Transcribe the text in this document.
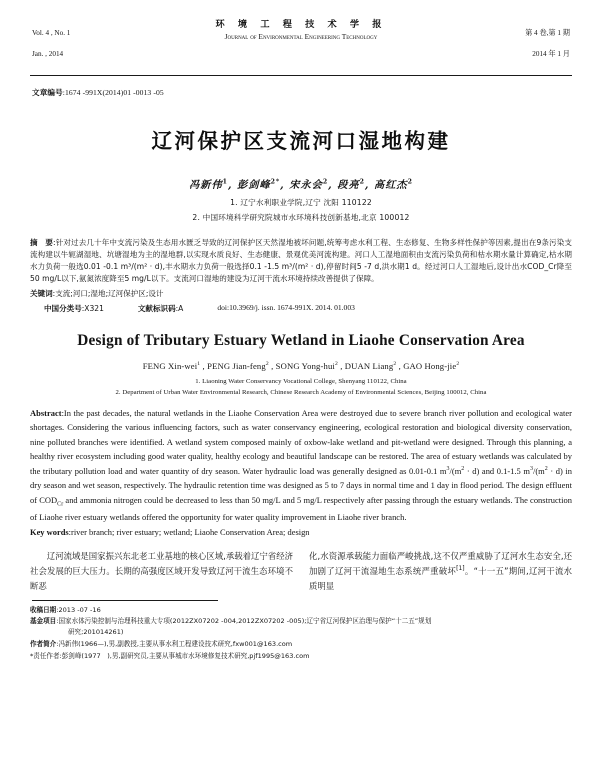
Vol. 4 , No. 1

Jan. , 2014

环 境 工 程 技 术 学 报
Journal of Environmental Engineering Technology	第 4 卷,第 1 期

2014 年 1 月

文章编号:1674 -991X(2014)01 -0013 -05
辽河保护区支流河口湿地构建
冯新伟$^1$, 彭剑峰$^{2*}$, 宋永会$^2$, 段亮$^2$, 高红杰$^2$
1. 辽宁水利职业学院,辽宁 沈阳 110122
2. 中国环境科学研究院城市水环境科技创新基地,北京 100012
摘　要:针对过去几十年中支流污染及生态用水匮乏导致的辽河保护区天然湿地被坏问题,统筹考虑水利工程、生态修复、生物多样性保护等因素,提出在9条污染支流构建以牛轭湖湿地、坑塘湿地为主的湿地群,以实现水质良好、生态健康、景观优美河流构建。河口人工湿地面积由支流污染负荷和枯水期水量计算确定,枯水期水力负荷一般选0.01 -0.1 m³/(m² · d),丰水期水力负荷一般选择0.1 -1.5 m³/(m² · d),停留时间5 -7 d,洪水期1 d。经过河口人工湿地后,设计出水COD_Cr降至50 mg/L以下,氨氮浓度降至5 mg/L以下。支流河口湿地的建设为辽河干流水环境持续改善提供了保障。
关键词:支流;河口;湿地;辽河保护区;设计
中国分类号:X321	文献标识码:A	doi:10.3969/j. issn. 1674-991X. 2014. 01.003
Design of Tributary Estuary Wetland in Liaohe Conservation Area
FENG Xin-wei$^1$ , PENG Jian-feng$^2$ , SONG Yong-hui$^2$ , DUAN Liang$^2$ , GAO Hong-jie$^2$
1. Liaoning Water Conservancy Vocational College, Shenyang 110122, China
2. Department of Urban Water Environmental Research, Chinese Research Academy of Environmental Sciences, Beijing 100012, China
Abstract:In the past decades, the natural wetlands in the Liaohe Conservation Area were destroyed due to severe branch river pollution and ecological water shortages. Considering the various influencing factors, such as water conservancy engineering, ecological restoration and biological diversity conservation, nine polluted branches were identified. A wetland system composed mainly of oxbow-lake wetland and pit-wetland were designed. Through this planning, a healthy river ecosystem including good water quality, healthy ecology and beautiful landscape can be restored. The area of estuary wetlands was calculated by the tributary pollution load and water quantity of dry season. Water hydraulic load was generally designed as 0.01-0.1 $m^3/(m^2 \cdot d)$ and 0.1-1.5 $m^3/(m^2 \cdot d)$ in dry season and wet season, respectively. The hydraulic retention time was designed as 5 to 7 days in normal time and 1 day in flood period. The design effluent of $COD_{Cr}$ and ammonia nitrogen could be decreased to less than 50 mg/L and 5 mg/L respectively after passing through the estuary wetlands. The construction of Liaohe river estuary wetlands offered the opportunity for water quality improvement in Liaohe river branch.
Key words:river branch; river estuary; wetland; Liaohe Conservation Area; design

辽河流域是国家振兴东北老工业基地的核心区域,承载着辽宁省经济社会发展的巨大压力。长期的高强度区域开发导致辽河干流生态环境不断恶

化,水资源承载能力面临严峻挑战,这不仅严重威胁了辽河水生态安全,还加剧了辽河干流湿地生态系统严重破坏[1]。“十一五”期间,辽河干流水质明显

收稿日期:2013 -07 -16
基金项目:国家水体污染控制与治理科技重大专项(2012ZX07202 -004,2012ZX07202 -005);辽宁省辽河保护区治理与保护“十二五”规划
研究;201014261)
作者简介:冯新伟(1966—),男,副教授,主要从事水利工程建设技术研究,fxw001@163.com
*责任作者:彭剑峰(1977　),男,副研究员,主要从事城市水环境修复技术研究,pjf1995@163.com
